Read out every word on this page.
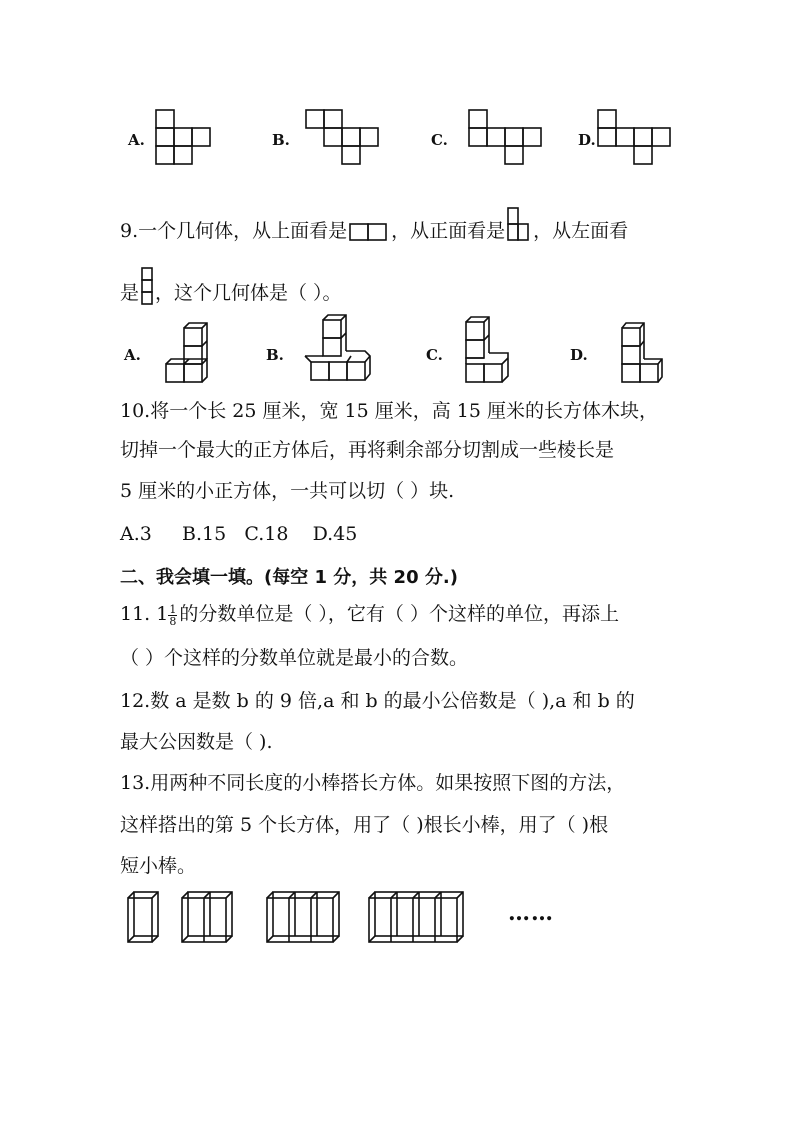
A.	B.	C.	D.
9.一个几何体，从上面看是 ，从正面看是 ，从左面看
是 ，这个几何体是（ ）。
A.	B.	C.	D.
10.将一个长 25 厘米，宽 15 厘米，高 15 厘米的长方体木块，
切掉一个最大的正方体后，再将剩余部分切割成一些棱长是
5 厘米的小正方体，一共可以切（ ）块.
A.3     B.15   C.18    D.45
二、我会填一填。(每空 1 分，共 20 分.)
11. $1 \frac{1}{8}$ 的分数单位是（ ），它有（ ）个这样的单位，再添上
（ ）个这样的分数单位就是最小的合数。
12.数 a 是数 b 的 9 倍,a 和 b 的最小公倍数是（ ),a 和 b 的
最大公因数是（ ).
13.用两种不同长度的小棒搭长方体。如果按照下图的方法，
这样搭出的第 5 个长方体，用了（ )根长小棒，用了（ )根
短小棒。
……
